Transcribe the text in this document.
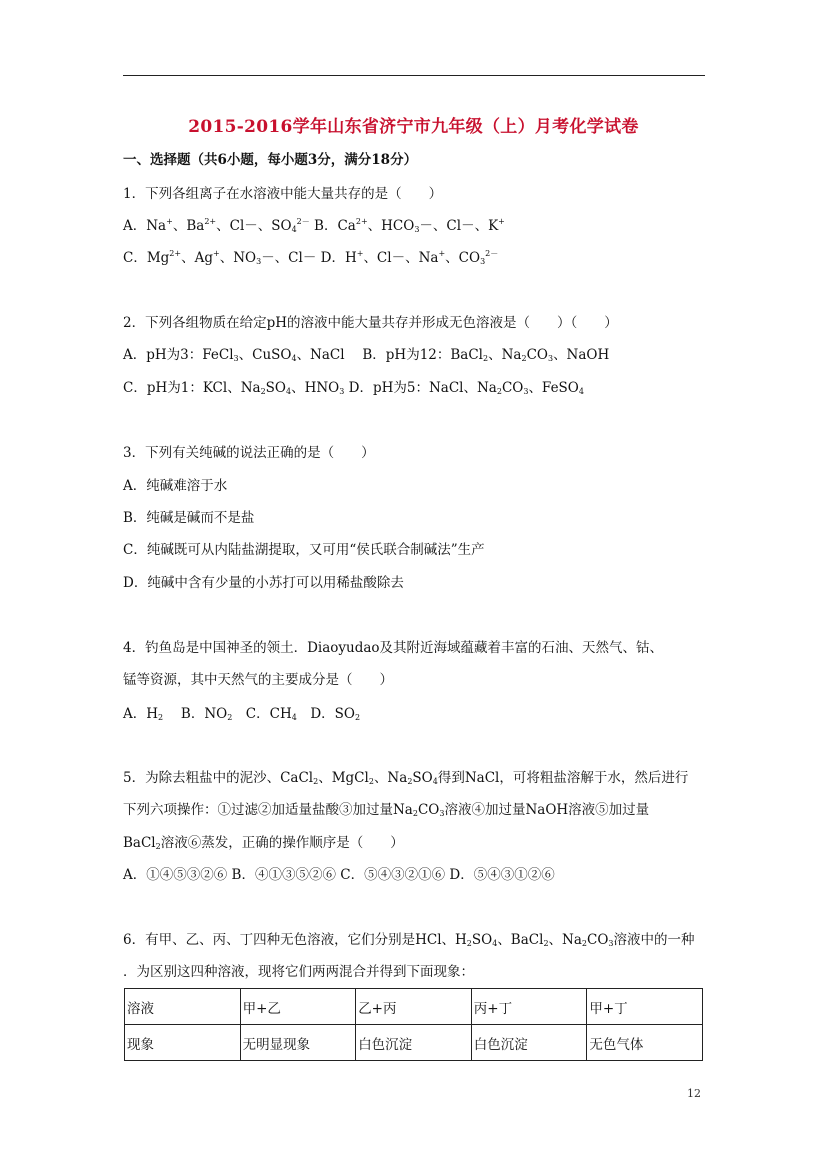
2015-2016学年山东省济宁市九年级（上）月考化学试卷
一、选择题（共6小题，每小题3分，满分18分）
1．下列各组离子在水溶液中能大量共存的是（　　）
A．Na+、$Ba^{2+}$、Cl－、$SO_4^{2-}$ B．$Ca^{2+}$、$HCO_3-$、Cl－、K+
C．$Mg^{2+}$、Ag+、$NO_3-$、Cl－ D．H+、Cl－、Na+、$CO_3^{2-}$
2．下列各组物质在给定pH的溶液中能大量共存并形成无色溶液是（　　）（　　）
A．pH为3：FeCl$_3$、CuSO$_4$、NaCl　 B．pH为12：BaCl$_2$、$Na_2CO_3$、NaOH
C．pH为1：KCl、$Na_2SO_4$、$HNO_3$ D．pH为5：NaCl、$Na_2CO_3$、FeSO$_4$
3．下列有关纯碱的说法正确的是（　　）
A．纯碱难溶于水
B．纯碱是碱而不是盐
C．纯碱既可从内陆盐湖提取，又可用“侯氏联合制碱法”生产
D．纯碱中含有少量的小苏打可以用稀盐酸除去
4．钓鱼岛是中国神圣的领土．Diaoyudao及其附近海域蕴藏着丰富的石油、天然气、钴、
锰等资源，其中天然气的主要成分是（　　）
A．$H_2$　 B．$NO_2$　C．$CH_4$　D．$SO_2$
5．为除去粗盐中的泥沙、CaCl$_2$、MgCl$_2$、$Na_2SO_4$得到NaCl，可将粗盐溶解于水，然后进行
下列六项操作：①过滤②加适量盐酸③加过量$Na_2CO_3$溶液④加过量NaOH溶液⑤加过量
BaCl$_2$溶液⑥蒸发，正确的操作顺序是（　　）
A．①④⑤③②⑥ B．④①③⑤②⑥ C．⑤④③②①⑥ D．⑤④③①②⑥
6．有甲、乙、丙、丁四种无色溶液，它们分别是HCl、$H_2SO_4$、BaCl$_2$、$Na_2CO_3$溶液中的一种
．为区别这四种溶液，现将它们两两混合并得到下面现象：
溶液	甲+乙	乙+丙	丙+丁	甲+丁
现象	无明显现象	白色沉淀	白色沉淀	无色气体
12
